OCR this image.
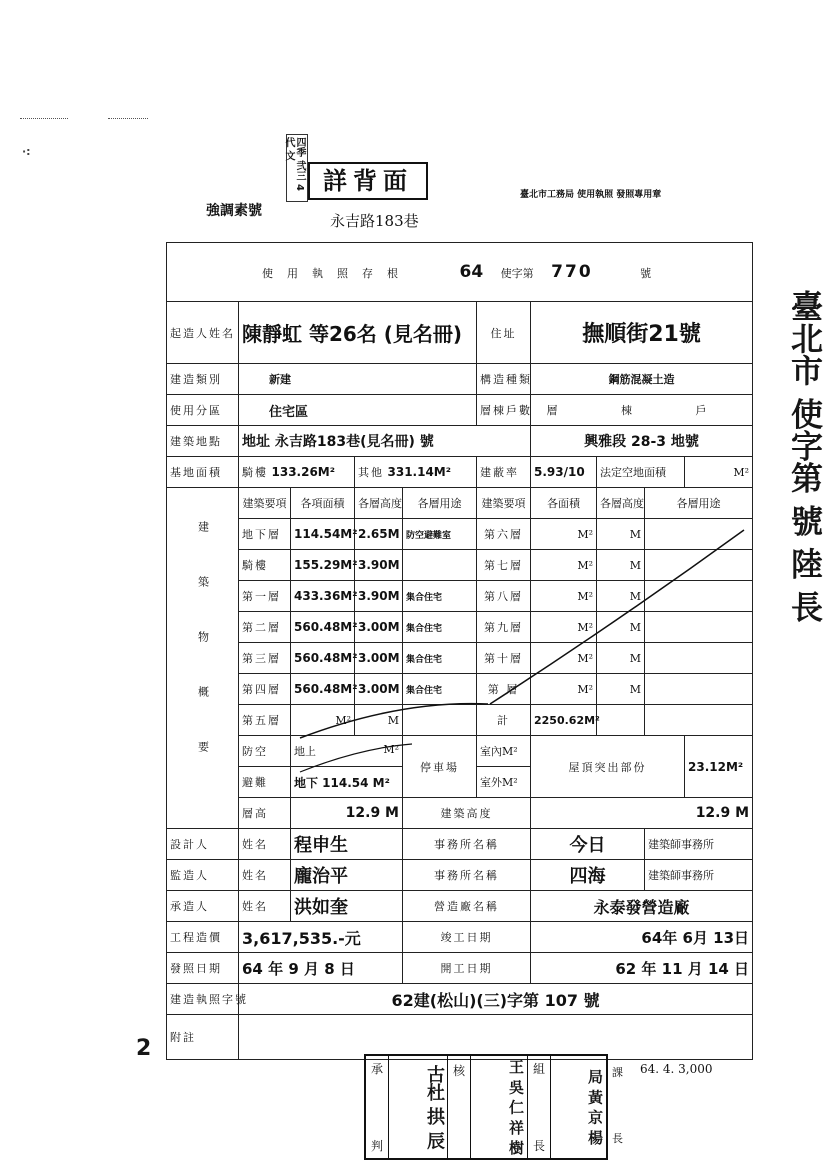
·:
2
64. 4. 3,000
四季 弐三 4代 文
強調素號
詳背面
永吉路183巷
臺北市工務局 使用執照 發照專用章
臺北市 使字第 號 陸 長
使用執照存根 64 使字第 770 號									
起造人姓名	陳靜虹 等26名 (見名冊)				住址	撫順街21號			
建造類別	新建				構造種類	鋼筋混凝土造			
使用分區	住宅區				層棟戶數	層 棟 戶			
建築地點	地址 永吉路183巷(見名冊) 號					興雅段 28-3 地號			
基地面積	騎樓 133.26M²		其他 331.14M²		建蔽率	5.93/10	法定空地面積		M²
建築物概要	建築要項	各項面積	各層高度	各層用途	建築要項	各面積	各層高度	各層用途	
	地下層	114.54M²	2.65M	防空避難室	第六層	M²	M		
	騎樓	155.29M²	3.90M		第七層	M²	M		
	第一層	433.36M²	3.90M	集合住宅	第八層	M²	M		
	第二層	560.48M²	3.00M	集合住宅	第九層	M²	M		
	第三層	560.48M²	3.00M	集合住宅	第十層	M²	M		
	第四層	560.48M²	3.00M	集合住宅	第 層	M²	M		
	第五層	M²	M		計	2250.62M²			
	防空	地上 M²		停車場	室內M²	屋頂突出部份			23.12M²
	避難	地下 114.54 M²			室外M²				
	層高	12.9 M		建築高度		12.9 M			
設計人	姓名	程申生		事務所名稱		今日		建築師事務所	
監造人	姓名	龐治平		事務所名稱		四海		建築師事務所	
承造人	姓名	洪如奎		營造廠名稱		永泰發營造廠			
工程造價	3,617,535.-元			竣工日期		64年 6月 13日			
發照日期	64 年 9 月 8 日			開工日期		62 年 11 月 14 日			
建造執照字號	62建(松山)(三)字第 107 號								
附註									
承
判	古杜 拱 辰 核	王 吳 仁 祥 樹 組
長
局 黃 京 楊 課
長
